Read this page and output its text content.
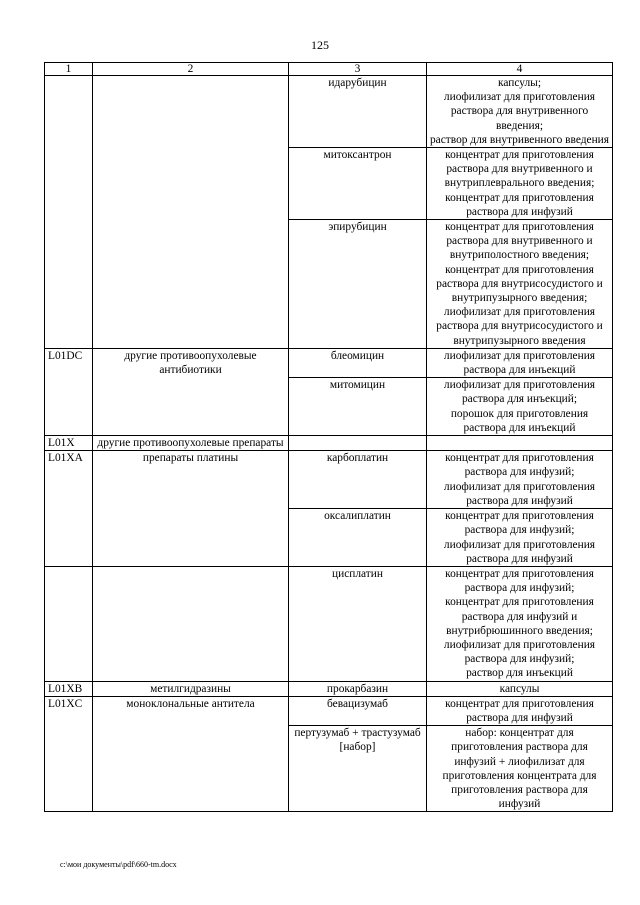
125
1	2	3	4
		идарубицин	капсулы;
лиофилизат для приготовления раствора для внутривенного введения;
раствор для внутривенного введения
		митоксантрон	концентрат для приготовления раствора для внутривенного и внутриплеврального введения;
концентрат для приготовления раствора для инфузий
		эпирубицин	концентрат для приготовления раствора для внутривенного и внутриполостного введения;
концентрат для приготовления раствора для внутрисосудистого и внутрипузырного введения;
лиофилизат для приготовления раствора для внутрисосудистого и внутрипузырного введения
L01DC	другие противоопухолевые антибиотики	блеомицин	лиофилизат для приготовления раствора для инъекций
		митомицин	лиофилизат для приготовления раствора для инъекций;
порошок для приготовления раствора для инъекций
L01X	другие противоопухолевые препараты		
L01XA	препараты платины	карбоплатин	концентрат для приготовления раствора для инфузий;
лиофилизат для приготовления раствора для инфузий
		оксалиплатин	концентрат для приготовления раствора для инфузий;
лиофилизат для приготовления раствора для инфузий
		цисплатин	концентрат для приготовления раствора для инфузий;
концентрат для приготовления раствора для инфузий и внутрибрюшинного введения;
лиофилизат для приготовления раствора для инфузий;
раствор для инъекций
L01XB	метилгидразины	прокарбазин	капсулы
L01XC	моноклональные антитела	бевацизумаб	концентрат для приготовления раствора для инфузий
		пертузумаб + трастузумаб [набор]	набор: концентрат для приготовления раствора для инфузий + лиофилизат для приготовления концентрата для приготовления раствора для инфузий
c:\мои документы\pdf\660-tm.docx
